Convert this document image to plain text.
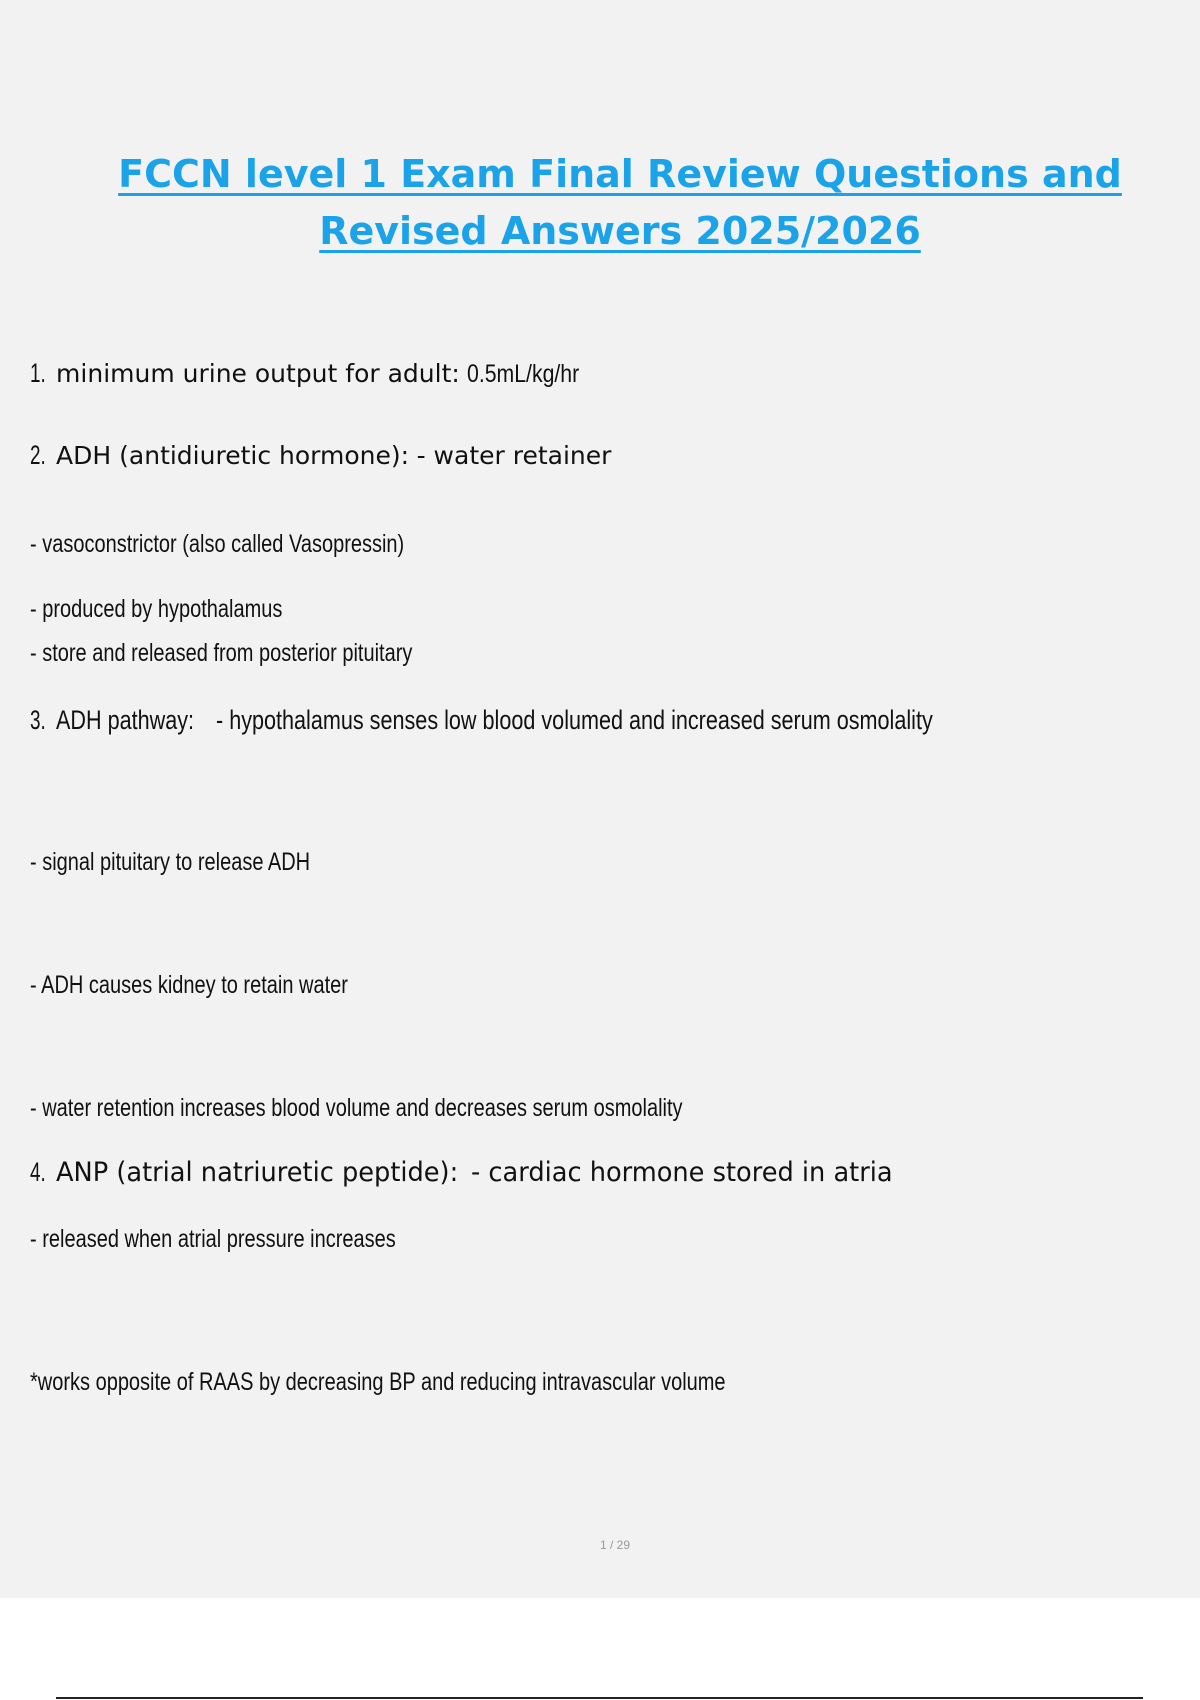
FCCN level 1 Exam Final Review Questions and
Revised Answers 2025/2026
1. minimum urine output for adult: 0.5mL/kg/hr
2. ADH (antidiuretic hormone): - water retainer
- vasoconstrictor (also called Vasopressin)
- produced by hypothalamus
- store and released from posterior pituitary
3. ADH pathway: - hypothalamus senses low blood volumed and increased serum osmolality
- signal pituitary to release ADH
- ADH causes kidney to retain water
- water retention increases blood volume and decreases serum osmolality
4. ANP (atrial natriuretic peptide): - cardiac hormone stored in atria
- released when atrial pressure increases
*works opposite of RAAS by decreasing BP and reducing intravascular volume
1 / 29
